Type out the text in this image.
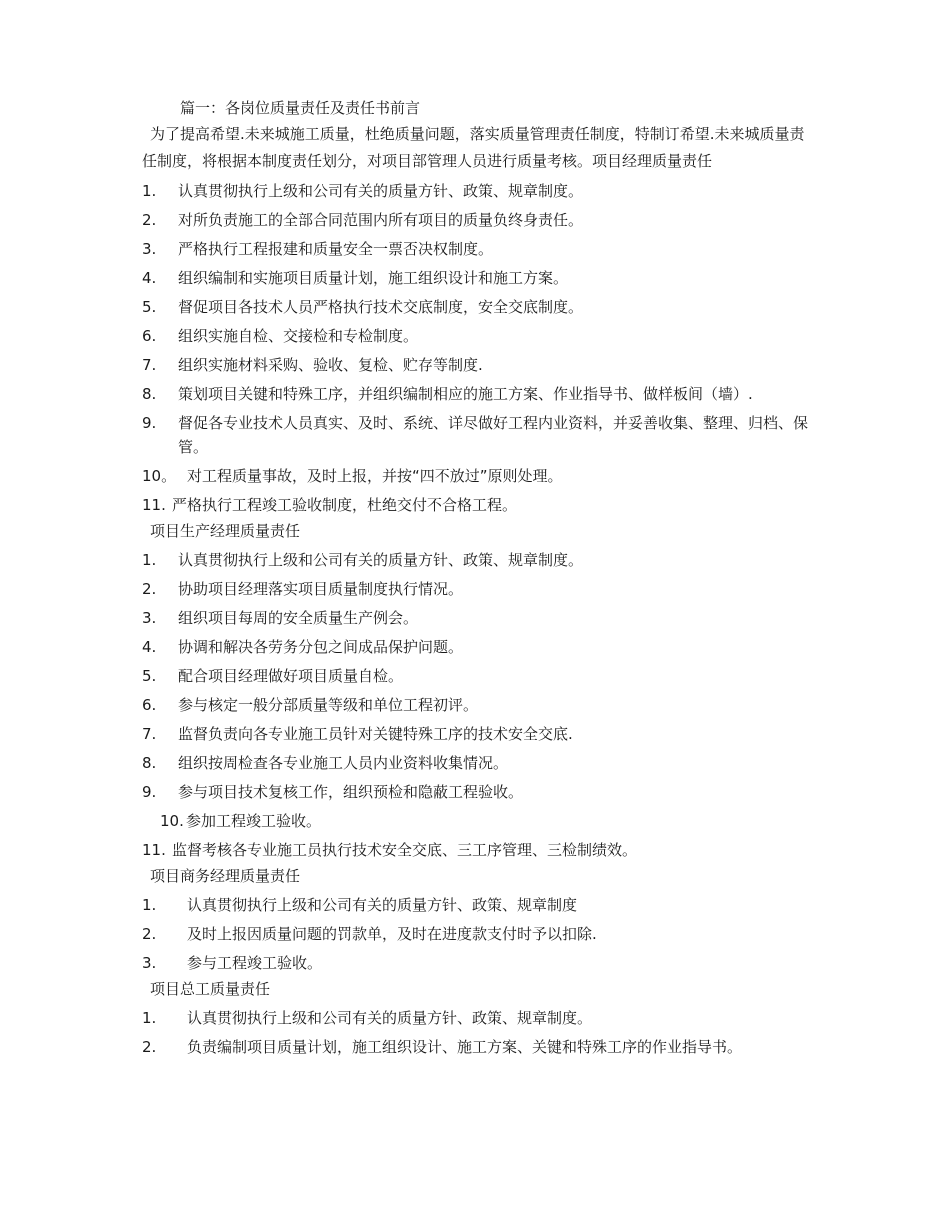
篇一：各岗位质量责任及责任书前言
为了提高希望.未来城施工质量，杜绝质量问题，落实质量管理责任制度，特制订希望.未来城质量责任制度，将根据本制度责任划分，对项目部管理人员进行质量考核。项目经理质量责任
1.	认真贯彻执行上级和公司有关的质量方针、政策、规章制度。
2.	对所负责施工的全部合同范围内所有项目的质量负终身责任。
3.	严格执行工程报建和质量安全一票否决权制度。
4.	组织编制和实施项目质量计划，施工组织设计和施工方案。
5.	督促项目各技术人员严格执行技术交底制度，安全交底制度。
6.	组织实施自检、交接检和专检制度。
7.	组织实施材料采购、验收、复检、贮存等制度.
8.	策划项目关键和特殊工序，并组织编制相应的施工方案、作业指导书、做样板间（墙）.
9.	督促各专业技术人员真实、及时、系统、详尽做好工程内业资料，并妥善收集、整理、归档、保管。
10。 对工程质量事故，及时上报，并按“四不放过”原则处理。
11. 严格执行工程竣工验收制度，杜绝交付不合格工程。
项目生产经理质量责任
1.	认真贯彻执行上级和公司有关的质量方针、政策、规章制度。
2.	协助项目经理落实项目质量制度执行情况。
3.	组织项目每周的安全质量生产例会。
4.	协调和解决各劳务分包之间成品保护问题。
5.	配合项目经理做好项目质量自检。
6.	参与核定一般分部质量等级和单位工程初评。
7.	监督负责向各专业施工员针对关键特殊工序的技术安全交底.
8.	组织按周检查各专业施工人员内业资料收集情况。
9.	参与项目技术复核工作，组织预检和隐蔽工程验收。
10. 参加工程竣工验收。
11. 监督考核各专业施工员执行技术安全交底、三工序管理、三检制绩效。
项目商务经理质量责任
1.	认真贯彻执行上级和公司有关的质量方针、政策、规章制度
2.	及时上报因质量问题的罚款单，及时在进度款支付时予以扣除.
3.	参与工程竣工验收。
项目总工质量责任
1.	认真贯彻执行上级和公司有关的质量方针、政策、规章制度。
2.	负责编制项目质量计划，施工组织设计、施工方案、关键和特殊工序的作业指导书。
